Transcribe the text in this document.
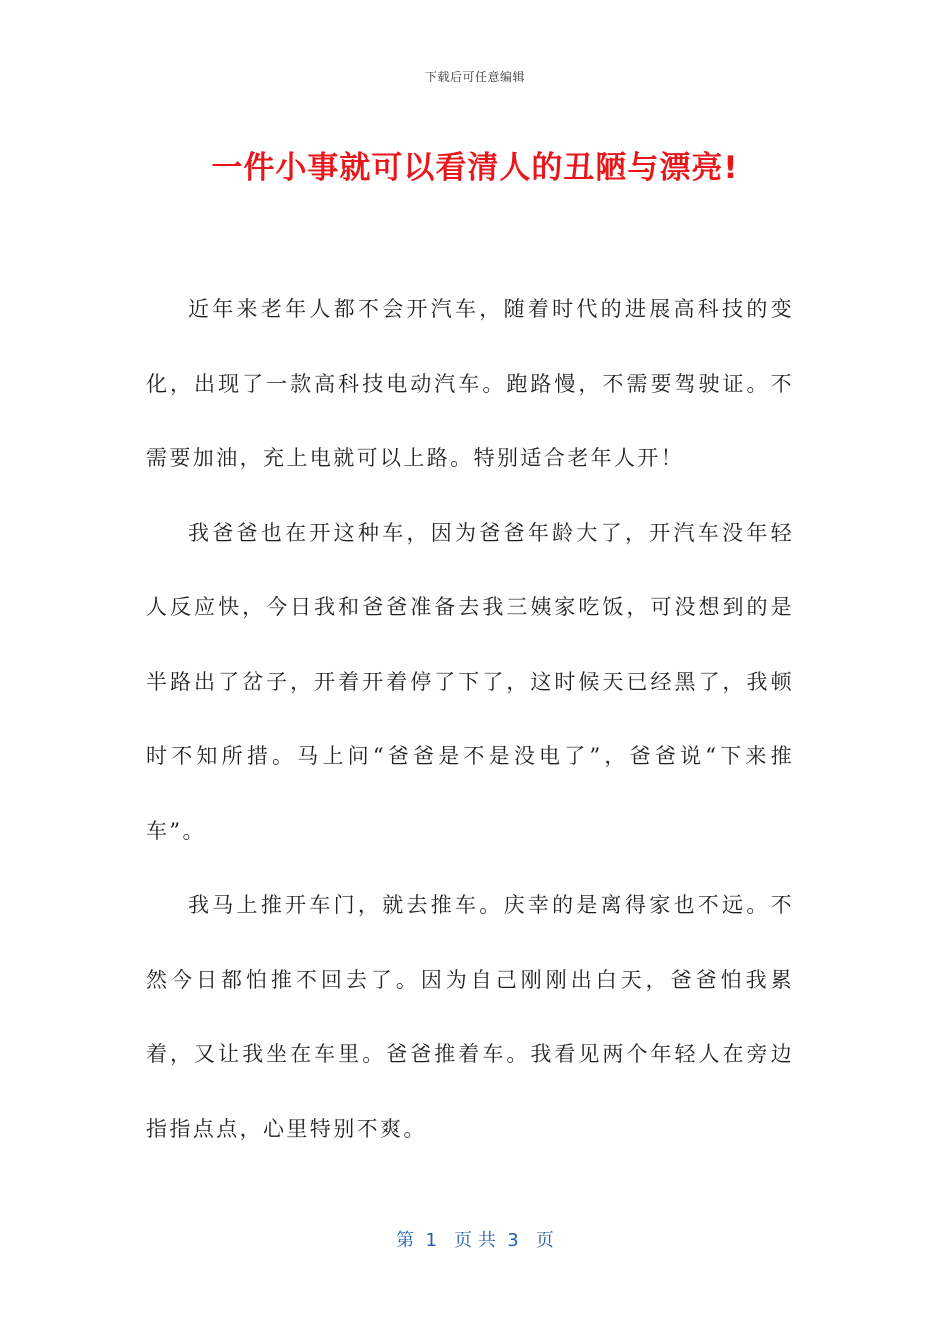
下载后可任意编辑
一件小事就可以看清人的丑陋与漂亮!

近年来老年人都不会开汽车，随着时代的进展高科技的变化，出现了一款高科技电动汽车。跑路慢，不需要驾驶证。不需要加油，充上电就可以上路。特别适合老年人开！

我爸爸也在开这种车，因为爸爸年龄大了，开汽车没年轻人反应快，今日我和爸爸准备去我三姨家吃饭，可没想到的是半路出了岔子，开着开着停了下了，这时候天已经黑了，我顿时不知所措。马上问“爸爸是不是没电了”，爸爸说“下来推车”。

我马上推开车门，就去推车。庆幸的是离得家也不远。不然今日都怕推不回去了。因为自己刚刚出白天，爸爸怕我累着，又让我坐在车里。爸爸推着车。我看见两个年轻人在旁边指指点点，心里特别不爽。

第  1   页 共  3   页
